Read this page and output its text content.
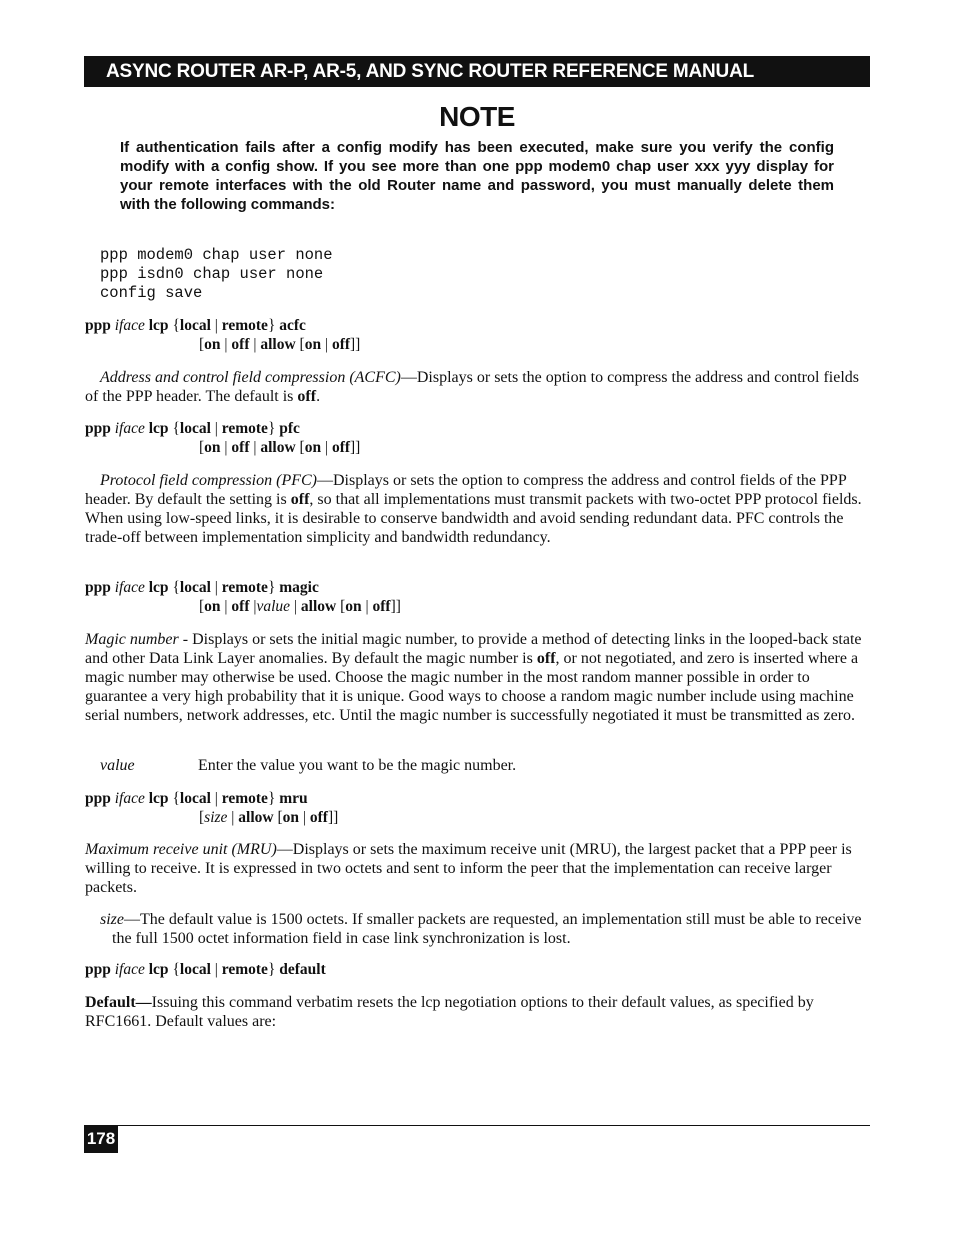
ASYNC ROUTER AR-P, AR-5, AND SYNC ROUTER REFERENCE MANUAL
NOTE
If authentication fails after a config modify has been executed, make sure you verify the config modify with a config show. If you see more than one ppp modem0 chap user xxx yyy display for your remote interfaces with the old Router name and password, you must manually delete them with the following commands:
ppp modem0 chap user none
ppp isdn0 chap user none
config save
ppp iface lcp {local | remote} acfc
[on | off | allow [on | off]]
Address and control field compression (ACFC)—Displays or sets the option to compress the address and control fields of the PPP header. The default is off.
ppp iface lcp {local | remote} pfc
[on | off | allow [on | off]]
Protocol field compression (PFC)—Displays or sets the option to compress the address and control fields of the PPP header. By default the setting is off, so that all implementations must transmit packets with two-octet PPP protocol fields. When using low-speed links, it is desirable to conserve bandwidth and avoid sending redundant data. PFC controls the trade-off between implementation simplicity and bandwidth redundancy.
ppp iface lcp {local | remote} magic
[on | off |value | allow [on | off]]
Magic number - Displays or sets the initial magic number, to provide a method of detecting links in the looped-back state and other Data Link Layer anomalies. By default the magic number is off, or not negotiated, and zero is inserted where a magic number may otherwise be used. Choose the magic number in the most random manner possible in order to guarantee a very high probability that it is unique. Good ways to choose a random magic number include using machine serial numbers, network addresses, etc. Until the magic number is successfully negotiated it must be transmitted as zero.
value	Enter the value you want to be the magic number.
ppp iface lcp {local | remote} mru
[size | allow [on | off]]
Maximum receive unit (MRU)—Displays or sets the maximum receive unit (MRU), the largest packet that a PPP peer is willing to receive. It is expressed in two octets and sent to inform the peer that the implementation can receive larger packets.
size—The default value is 1500 octets. If smaller packets are requested, an implementation still must be able to receive the full 1500 octet information field in case link synchronization is lost.
ppp iface lcp {local | remote} default
Default—Issuing this command verbatim resets the lcp negotiation options to their default values, as specified by RFC1661. Default values are:
178
